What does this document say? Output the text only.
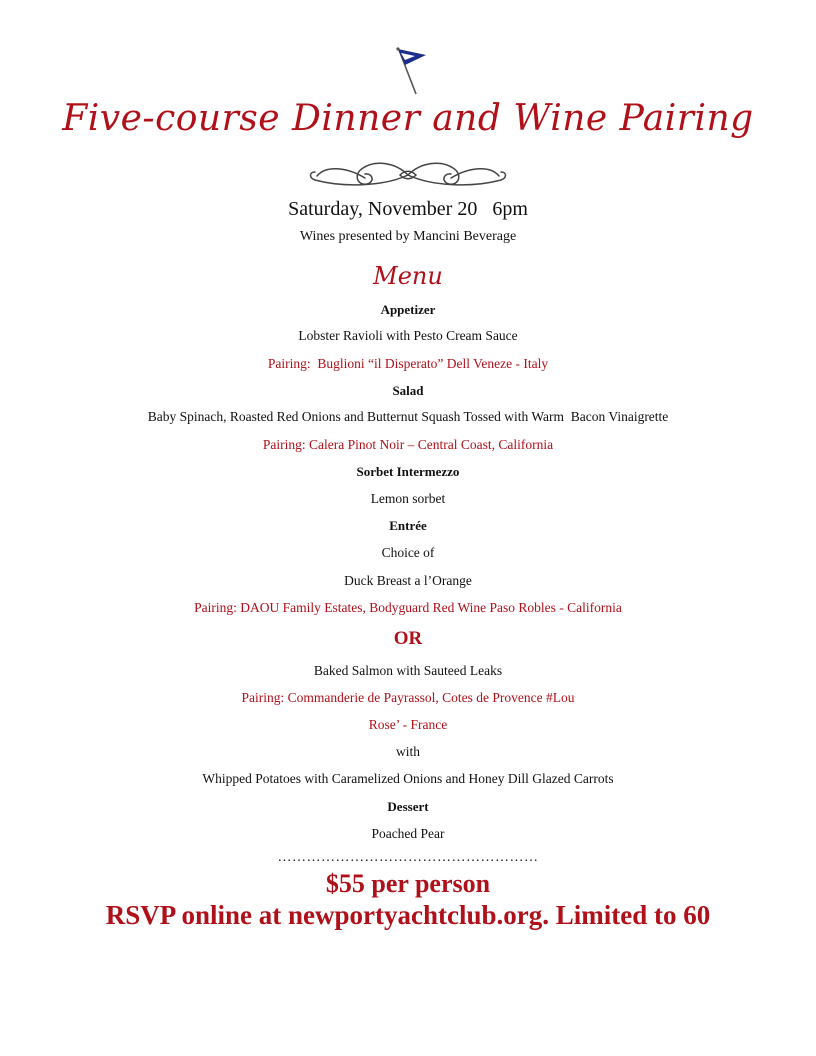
Five-course Dinner and Wine Pairing
Saturday, November 20   6pm
Wines presented by Mancini Beverage
Menu
Appetizer
Lobster Ravioli with Pesto Cream Sauce
Pairing:  Buglioni “il Disperato” Dell Veneze - Italy
Salad
Baby Spinach, Roasted Red Onions and Butternut Squash Tossed with Warm  Bacon Vinaigrette
Pairing: Calera Pinot Noir – Central Coast, California
Sorbet Intermezzo
Lemon sorbet
Entrée
Choice of
Duck Breast a l’Orange
Pairing: DAOU Family Estates, Bodyguard Red Wine Paso Robles - California
OR
Baked Salmon with Sauteed Leaks
Pairing: Commanderie de Payrassol, Cotes de Provence #Lou
Rose’ - France
with
Whipped Potatoes with Caramelized Onions and Honey Dill Glazed Carrots
Dessert
Poached Pear
………………………………………………
$55 per person
RSVP online at newportyachtclub.org. Limited to 60
